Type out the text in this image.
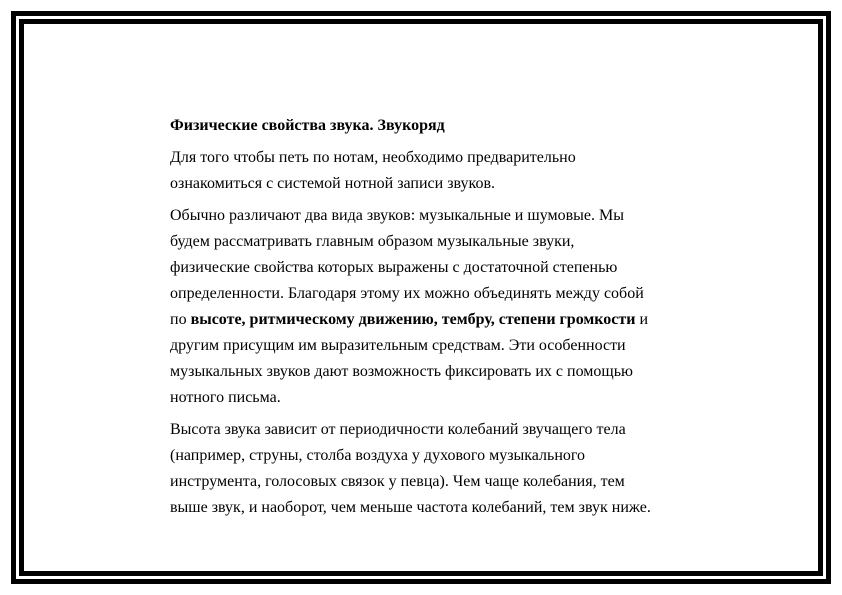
Физические свойства звука. Звукоряд

Для того чтобы петь по нотам, необходимо предварительно
ознакомиться с системой нотной записи звуков.

Обычно различают два вида звуков: музыкальные и шумовые. Мы
будем рассматривать главным образом музыкальные звуки,
физические свойства которых выражены с достаточной степенью
определенности. Благодаря этому их можно объединять между собой
по высоте, ритмическому движению, тембру, степени громкости и
другим присущим им выразительным средствам. Эти особенности
музыкальных звуков дают возможность фиксировать их с помощью
нотного письма.

Высота звука зависит от периодичности колебаний звучащего тела
(например, струны, столба воздуха у духового музыкального
инструмента, голосовых связок у певца). Чем чаще колебания, тем
выше звук, и наоборот, чем меньше частота колебаний, тем звук ниже.
